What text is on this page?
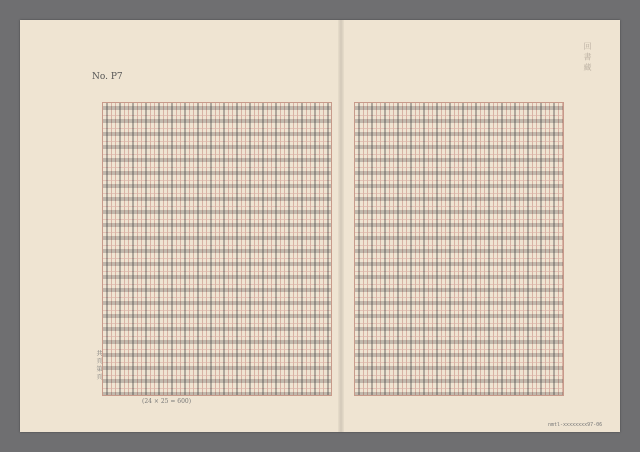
No. P7
共 頁 第 頁
(24 × 25 = 600)
回 書 藏
nmtl-xxxxxxxx97-06
